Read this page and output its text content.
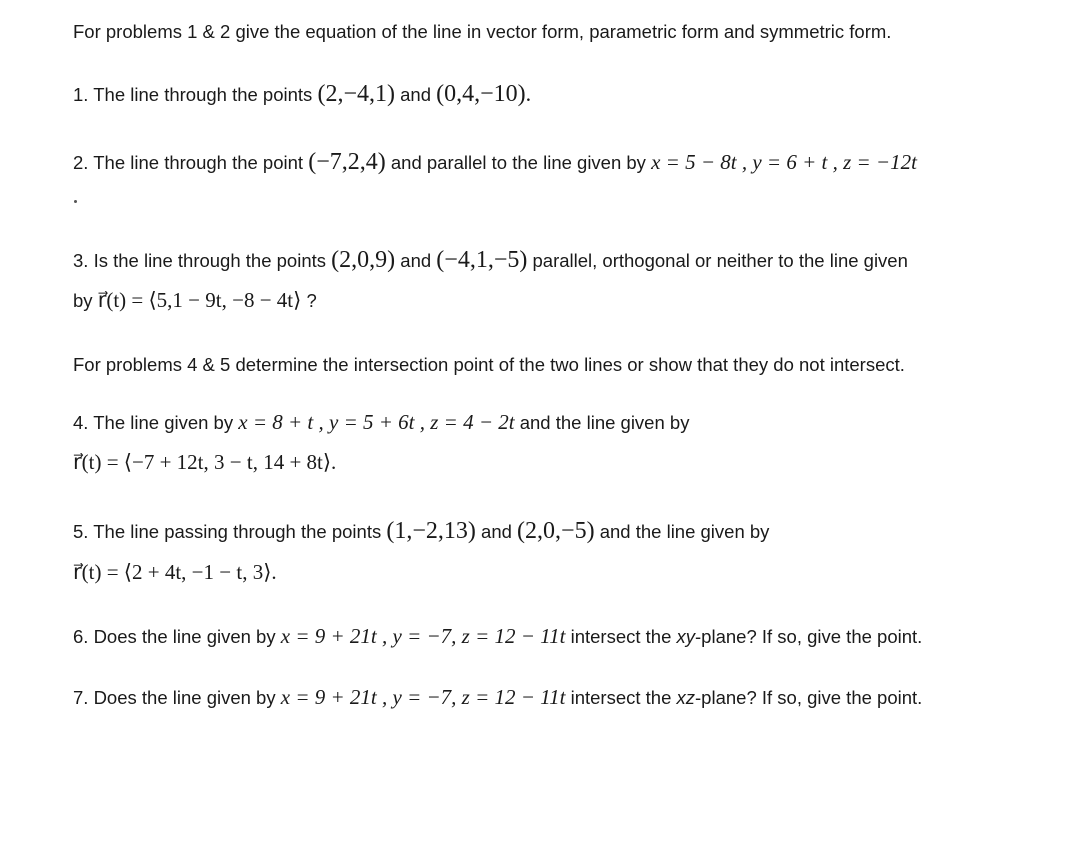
For problems 1 & 2 give the equation of the line in vector form, parametric form and symmetric form.
1. The line through the points (2,−4,1) and (0,4,−10).
2. The line through the point (−7,2,4) and parallel to the line given by x = 5 − 8t , y = 6 + t , z = −12t
3. Is the line through the points (2,0,9) and (−4,1,−5) parallel, orthogonal or neither to the line given
by r⃗(t) = ⟨5,1 − 9t, −8 − 4t⟩ ?
For problems 4 & 5 determine the intersection point of the two lines or show that they do not intersect.
4. The line given by x = 8 + t , y = 5 + 6t , z = 4 − 2t and the line given by
r⃗(t) = ⟨−7 + 12t, 3 − t, 14 + 8t⟩.
5. The line passing through the points (1,−2,13) and (2,0,−5) and the line given by
r⃗(t) = ⟨2 + 4t, −1 − t, 3⟩.
6. Does the line given by x = 9 + 21t , y = −7, z = 12 − 11t intersect the xy-plane? If so, give the point.
7. Does the line given by x = 9 + 21t , y = −7, z = 12 − 11t intersect the xz-plane? If so, give the point.
